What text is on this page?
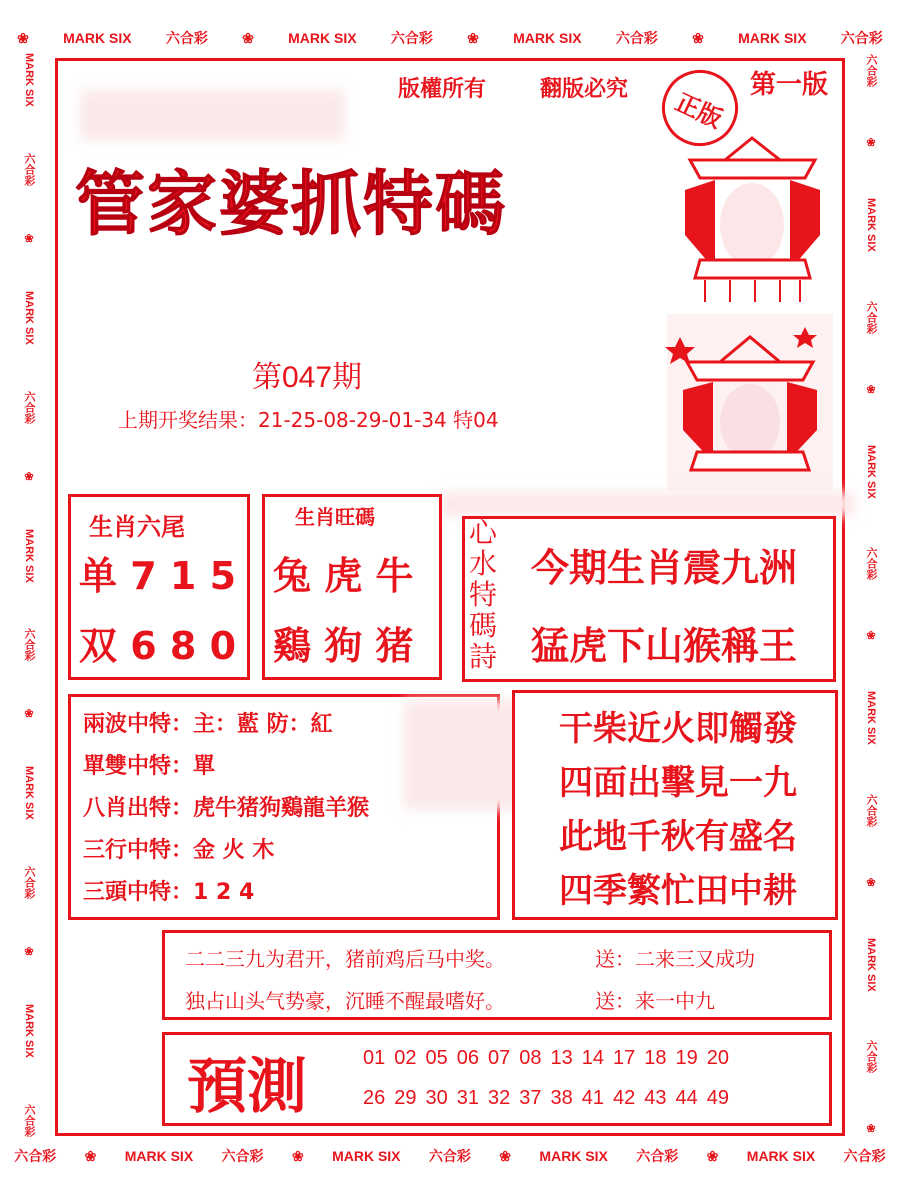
❀ MARK SIX 六合彩 ❀ MARK SIX 六合彩 ❀ MARK SIX 六合彩 ❀ MARK SIX 六合彩
六合彩 ❀ MARK SIX 六合彩 ❀ MARK SIX 六合彩 ❀ MARK SIX 六合彩 ❀ MARK SIX 六合彩
MARK SIX
六合彩
❀
MARK SIX
六合彩
❀
MARK SIX
六合彩
❀
MARK SIX
六合彩
❀
MARK SIX
六合彩
六合彩
❀
MARK SIX
六合彩
❀
MARK SIX
六合彩
❀
MARK SIX
六合彩
❀
MARK SIX
六合彩
❀
版權所有 翻版必究	正版
第一版
管家婆抓特碼
第047期
上期开奖结果：21-25-08-29-01-34 特04
生肖六尾
单 7 1 5
双 6 8 0
生肖旺碼
兔 虎 牛
鷄 狗 猪
心水特碼詩
今期生肖震九洲
猛虎下山猴稱王
兩波中特：主：藍 防：紅
單雙中特：單
八肖出特：虎牛猪狗鷄龍羊猴
三行中特：金 火 木
三頭中特：1 2 4
干柴近火即觸發
四面出擊見一九
此地千秋有盛名
四季繁忙田中耕
二二三九为君开，猪前鸡后马中奖。	送：二来三又成功
独占山头气势豪，沉睡不醒最嗜好。	送：来一中九
預測	01 02 05 06 07 08 13 14 17 18 19 20
26 29 30 31 32 37 38 41 42 43 44 49
